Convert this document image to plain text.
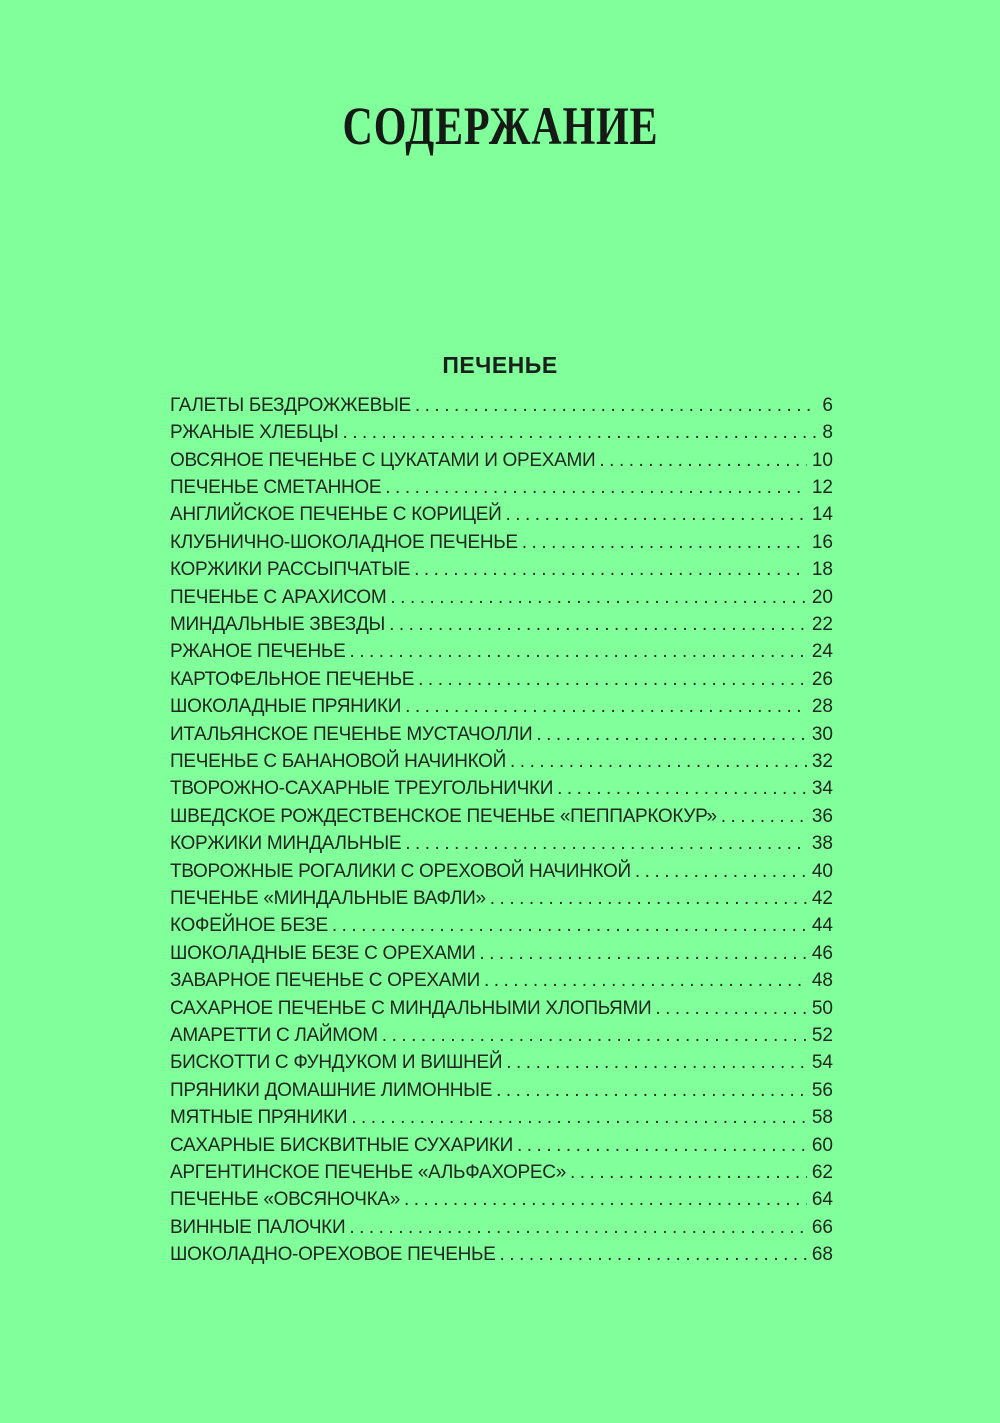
СОДЕРЖАНИЕ
ПЕЧЕНЬЕ
ГАЛЕТЫ БЕЗДРОЖЖЕВЫЕ .....	6
РЖАНЫЕ ХЛЕБЦЫ .....	8
ОВСЯНОЕ ПЕЧЕНЬЕ С ЦУКАТАМИ И ОРЕХАМИ .....	10
ПЕЧЕНЬЕ СМЕТАННОЕ .....	12
АНГЛИЙСКОЕ ПЕЧЕНЬЕ С КОРИЦЕЙ .....	14
КЛУБНИЧНО-ШОКОЛАДНОЕ ПЕЧЕНЬЕ .....	16
КОРЖИКИ РАССЫПЧАТЫЕ .....	18
ПЕЧЕНЬЕ С АРАХИСОМ .....	20
МИНДАЛЬНЫЕ ЗВЕЗДЫ .....	22
РЖАНОЕ ПЕЧЕНЬЕ .....	24
КАРТОФЕЛЬНОЕ ПЕЧЕНЬЕ .....	26
ШОКОЛАДНЫЕ ПРЯНИКИ .....	28
ИТАЛЬЯНСКОЕ ПЕЧЕНЬЕ МУСТАЧОЛЛИ .....	30
ПЕЧЕНЬЕ С БАНАНОВОЙ НАЧИНКОЙ .....	32
ТВОРОЖНО-САХАРНЫЕ ТРЕУГОЛЬНИЧКИ .....	34
ШВЕДСКОЕ РОЖДЕСТВЕНСКОЕ ПЕЧЕНЬЕ «ПЕППАРКОКУР» .....	36
КОРЖИКИ МИНДАЛЬНЫЕ .....	38
ТВОРОЖНЫЕ РОГАЛИКИ С ОРЕХОВОЙ НАЧИНКОЙ .....	40
ПЕЧЕНЬЕ «МИНДАЛЬНЫЕ ВАФЛИ» .....	42
КОФЕЙНОЕ БЕЗЕ .....	44
ШОКОЛАДНЫЕ БЕЗЕ С ОРЕХАМИ .....	46
ЗАВАРНОЕ ПЕЧЕНЬЕ С ОРЕХАМИ .....	48
САХАРНОЕ ПЕЧЕНЬЕ С МИНДАЛЬНЫМИ ХЛОПЬЯМИ .....	50
АМАРЕТТИ С ЛАЙМОМ .....	52
БИСКОТТИ С ФУНДУКОМ И ВИШНЕЙ .....	54
ПРЯНИКИ ДОМАШНИЕ ЛИМОННЫЕ .....	56
МЯТНЫЕ ПРЯНИКИ .....	58
САХАРНЫЕ БИСКВИТНЫЕ СУХАРИКИ .....	60
АРГЕНТИНСКОЕ ПЕЧЕНЬЕ «АЛЬФАХОРЕС» .....	62
ПЕЧЕНЬЕ «ОВСЯНОЧКА» .....	64
ВИННЫЕ ПАЛОЧКИ .....	66
ШОКОЛАДНО-ОРЕХОВОЕ ПЕЧЕНЬЕ .....	68
